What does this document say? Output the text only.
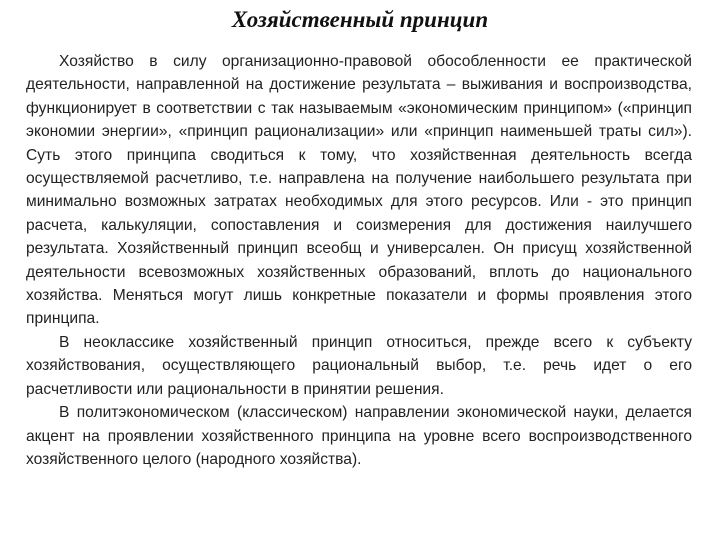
Хозяйственный принцип

Хозяйство в силу организационно-правовой обособленности ее практической деятельности, направленной на достижение результата – выживания и воспроизводства, функционирует в соответствии с так называемым «экономическим принципом» («принцип экономии энергии», «принцип рационализации» или «принцип наименьшей траты сил»). Суть этого принципа сводиться к тому, что хозяйственная деятельность всегда осуществляемой расчетливо, т.е. направлена на получение наибольшего результата при минимально возможных затратах необходимых для этого ресурсов. Или - это принцип расчета, калькуляции, сопоставления и соизмерения для достижения наилучшего результата. Хозяйственный принцип всеобщ и универсален. Он присущ хозяйственной деятельности всевозможных хозяйственных образований, вплоть до национального хозяйства. Меняться могут лишь конкретные показатели и формы проявления этого принципа.

В неоклассике хозяйственный принцип относиться, прежде всего к субъекту хозяйствования, осуществляющего рациональный выбор, т.е. речь идет о его расчетливости или рациональности в принятии решения.

В политэкономическом (классическом) направлении экономической науки, делается акцент на проявлении хозяйственного принципа на уровне всего воспроизводственного хозяйственного целого (народного хозяйства).
